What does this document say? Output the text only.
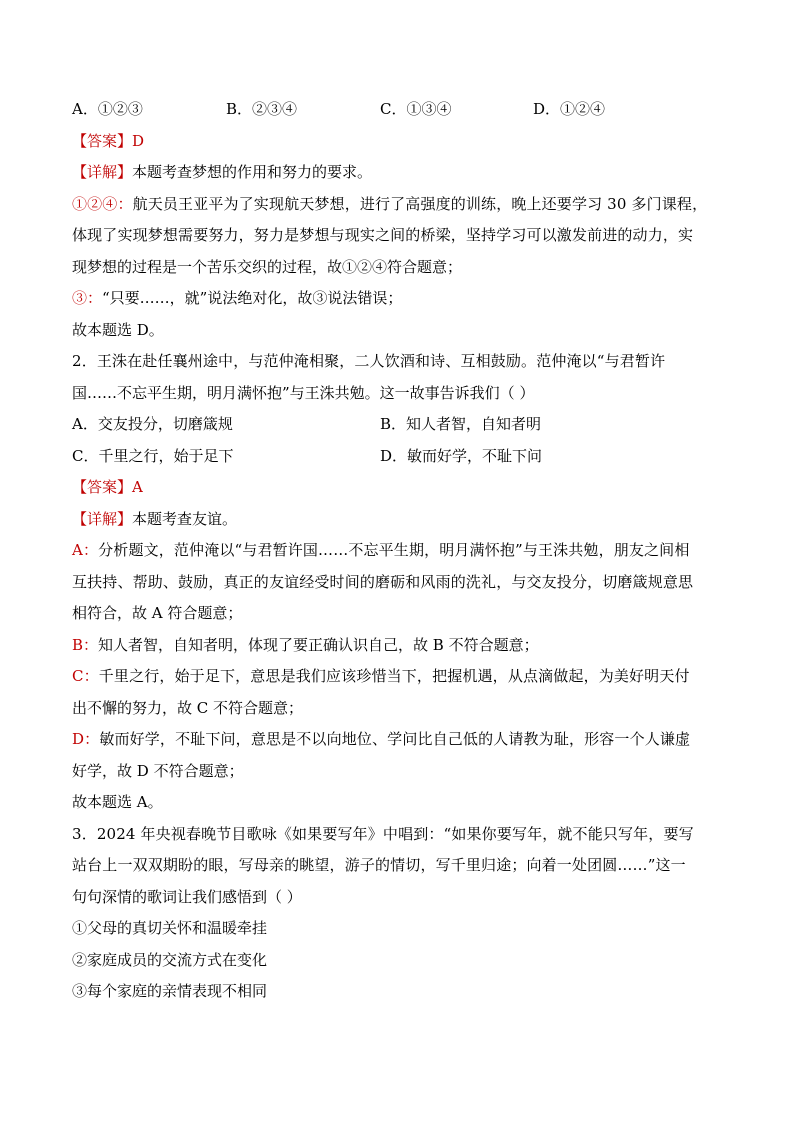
A．①②③	B．②③④	C．①③④	D．①②④
【答案】D
【详解】本题考查梦想的作用和努力的要求。
①②④：航天员王亚平为了实现航天梦想，进行了高强度的训练，晚上还要学习 30 多门课程，
体现了实现梦想需要努力，努力是梦想与现实之间的桥梁，坚持学习可以激发前进的动力，实
现梦想的过程是一个苦乐交织的过程，故①②④符合题意；
③：“只要……，就”说法绝对化，故③说法错误；
故本题选 D。
2．王洙在赴任襄州途中，与范仲淹相聚，二人饮酒和诗、互相鼓励。范仲淹以“与君暂许
国……不忘平生期，明月满怀抱”与王洙共勉。这一故事告诉我们（ ）
A．交友投分，切磨箴规	B．知人者智，自知者明
C．千里之行，始于足下	D．敏而好学，不耻下问
【答案】A
【详解】本题考查友谊。
A：分析题文，范仲淹以“与君暂许国……不忘平生期，明月满怀抱”与王洙共勉，朋友之间相
互扶持、帮助、鼓励，真正的友谊经受时间的磨砺和风雨的洗礼，与交友投分，切磨箴规意思
相符合，故 A 符合题意；
B：知人者智，自知者明，体现了要正确认识自己，故 B 不符合题意；
C：千里之行，始于足下，意思是我们应该珍惜当下，把握机遇，从点滴做起，为美好明天付
出不懈的努力，故 C 不符合题意；
D：敏而好学，不耻下问，意思是不以向地位、学问比自己低的人请教为耻，形容一个人谦虚
好学，故 D 不符合题意；
故本题选 A。
3．2024 年央视春晚节目歌咏《如果要写年》中唱到：“如果你要写年，就不能只写年，要写
站台上一双双期盼的眼，写母亲的眺望，游子的情切，写千里归途；向着一处团圆……”这一
句句深情的歌词让我们感悟到（ ）
①父母的真切关怀和温暖牵挂
②家庭成员的交流方式在变化
③每个家庭的亲情表现不相同
